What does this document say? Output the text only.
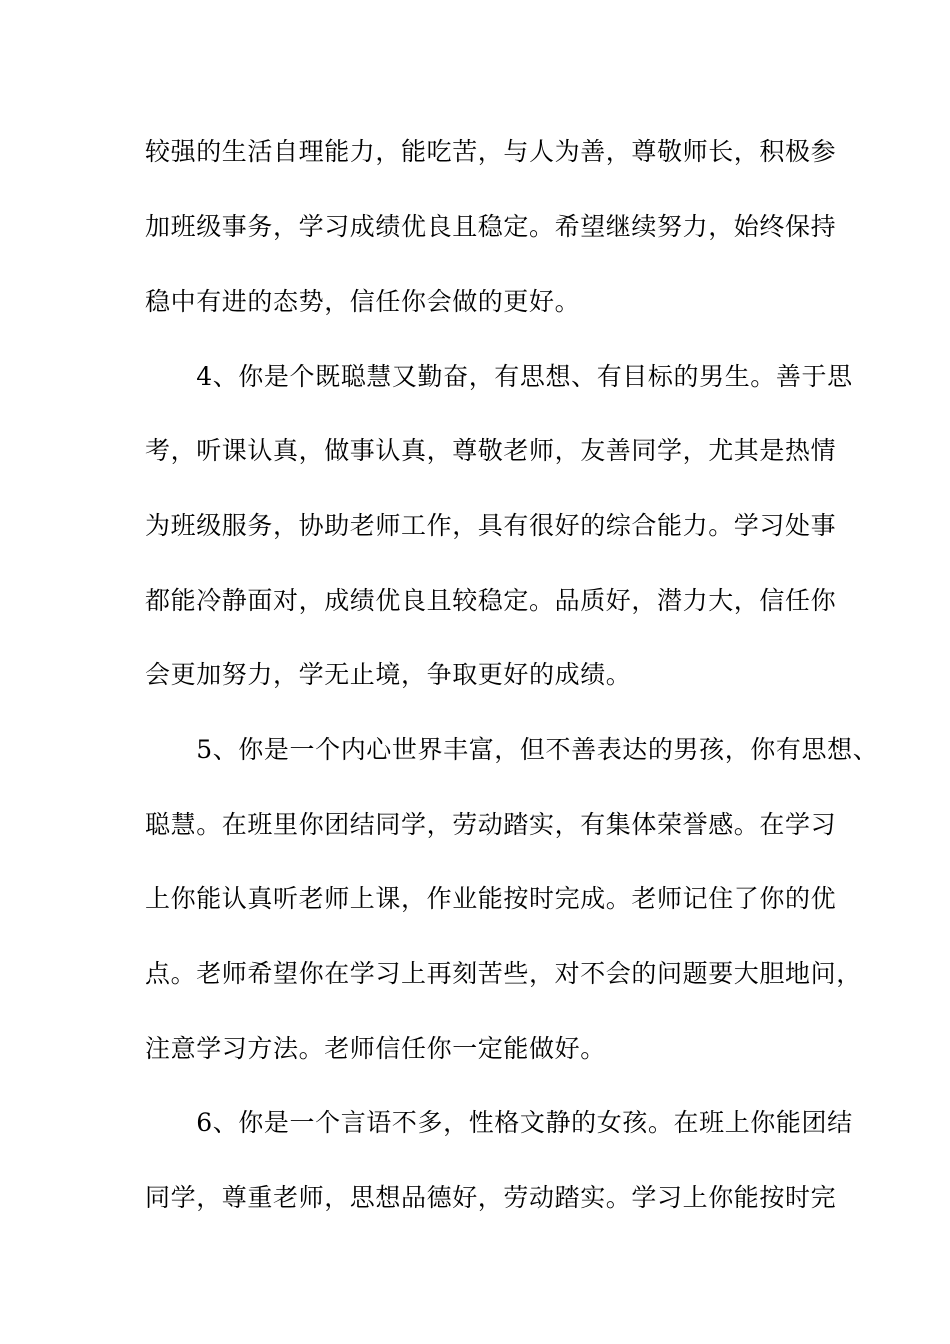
较强的生活自理能力，能吃苦，与人为善，尊敬师长，积极参
加班级事务，学习成绩优良且稳定。希望继续努力，始终保持
稳中有进的态势，信任你会做的更好。
　　4、你是个既聪慧又勤奋，有思想、有目标的男生。善于思
考，听课认真，做事认真，尊敬老师，友善同学，尤其是热情
为班级服务，协助老师工作，具有很好的综合能力。学习处事
都能冷静面对，成绩优良且较稳定。品质好，潜力大，信任你
会更加努力，学无止境，争取更好的成绩。
　　5、你是一个内心世界丰富，但不善表达的男孩，你有思想、
聪慧。在班里你团结同学，劳动踏实，有集体荣誉感。在学习
上你能认真听老师上课，作业能按时完成。老师记住了你的优
点。老师希望你在学习上再刻苦些，对不会的问题要大胆地问，
注意学习方法。老师信任你一定能做好。
　　6、你是一个言语不多，性格文静的女孩。在班上你能团结
同学，尊重老师，思想品德好，劳动踏实。学习上你能按时完
